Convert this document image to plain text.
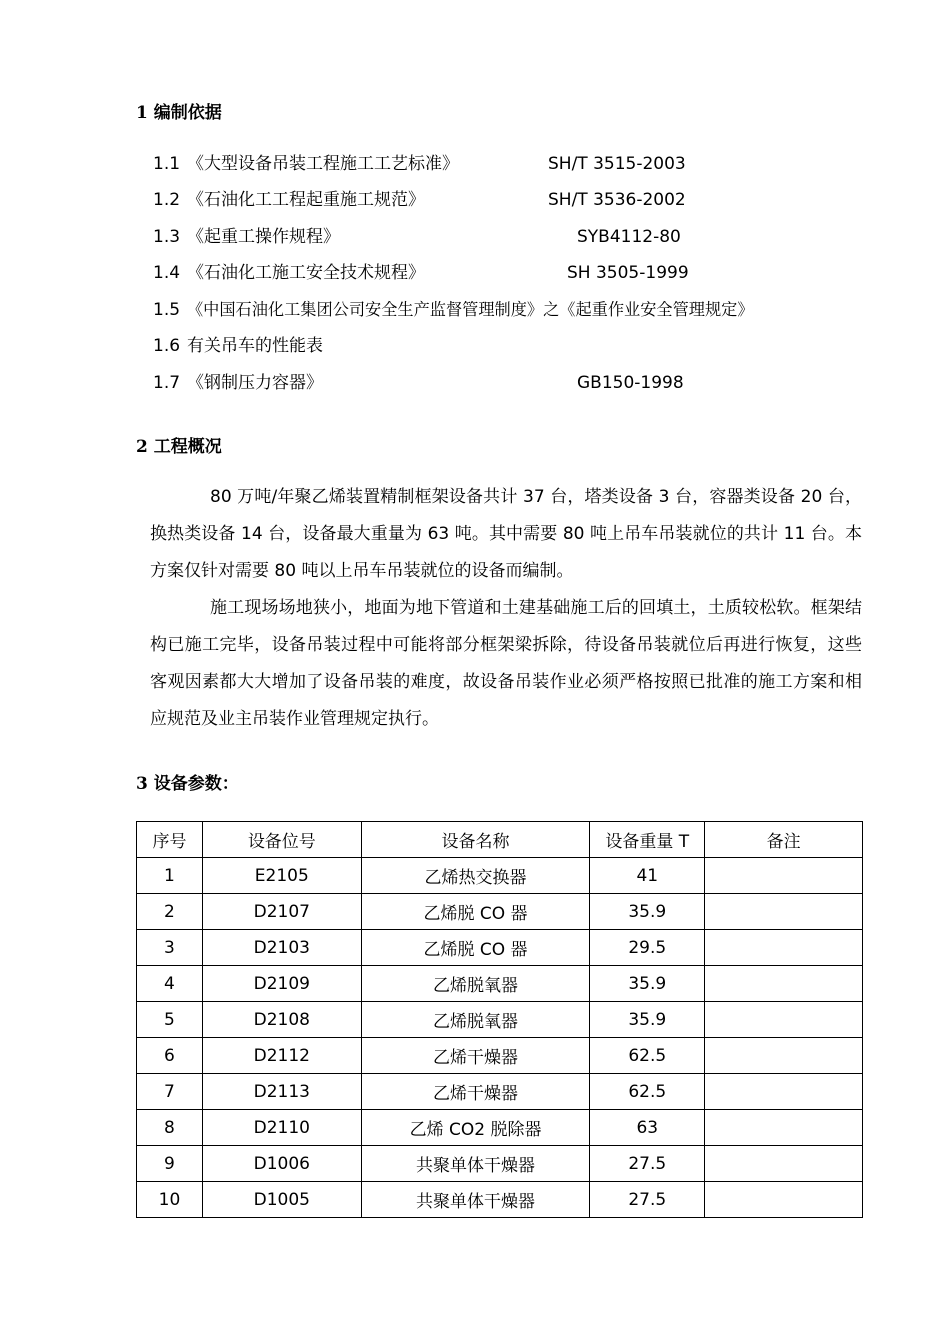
1 编制依据
1.1 《大型设备吊装工程施工工艺标准》	SH/T 3515-2003
1.2 《石油化工工程起重施工规范》	SH/T 3536-2002
1.3 《起重工操作规程》	SYB4112-80
1.4 《石油化工施工安全技术规程》	SH 3505-1999
1.5 《中国石油化工集团公司安全生产监督管理制度》之《起重作业安全管理规定》
1.6 有关吊车的性能表
1.7 《钢制压力容器》	GB150-1998
2 工程概况

80 万吨/年聚乙烯装置精制框架设备共计 37 台，塔类设备 3 台，容器类设备 20 台，换热类设备 14 台，设备最大重量为 63 吨。其中需要 80 吨上吊车吊装就位的共计 11 台。本方案仅针对需要 80 吨以上吊车吊装就位的设备而编制。

施工现场场地狭小，地面为地下管道和土建基础施工后的回填土，土质较松软。框架结构已施工完毕，设备吊装过程中可能将部分框架梁拆除，待设备吊装就位后再进行恢复，这些客观因素都大大增加了设备吊装的难度，故设备吊装作业必须严格按照已批准的施工方案和相应规范及业主吊装作业管理规定执行。

3 设备参数：
序号	设备位号	设备名称	设备重量 T	备注
1	E2105	乙烯热交换器	41	
2	D2107	乙烯脱 CO 器	35.9	
3	D2103	乙烯脱 CO 器	29.5	
4	D2109	乙烯脱氧器	35.9	
5	D2108	乙烯脱氧器	35.9	
6	D2112	乙烯干燥器	62.5	
7	D2113	乙烯干燥器	62.5	
8	D2110	乙烯 CO2 脱除器	63	
9	D1006	共聚单体干燥器	27.5	
10	D1005	共聚单体干燥器	27.5	
